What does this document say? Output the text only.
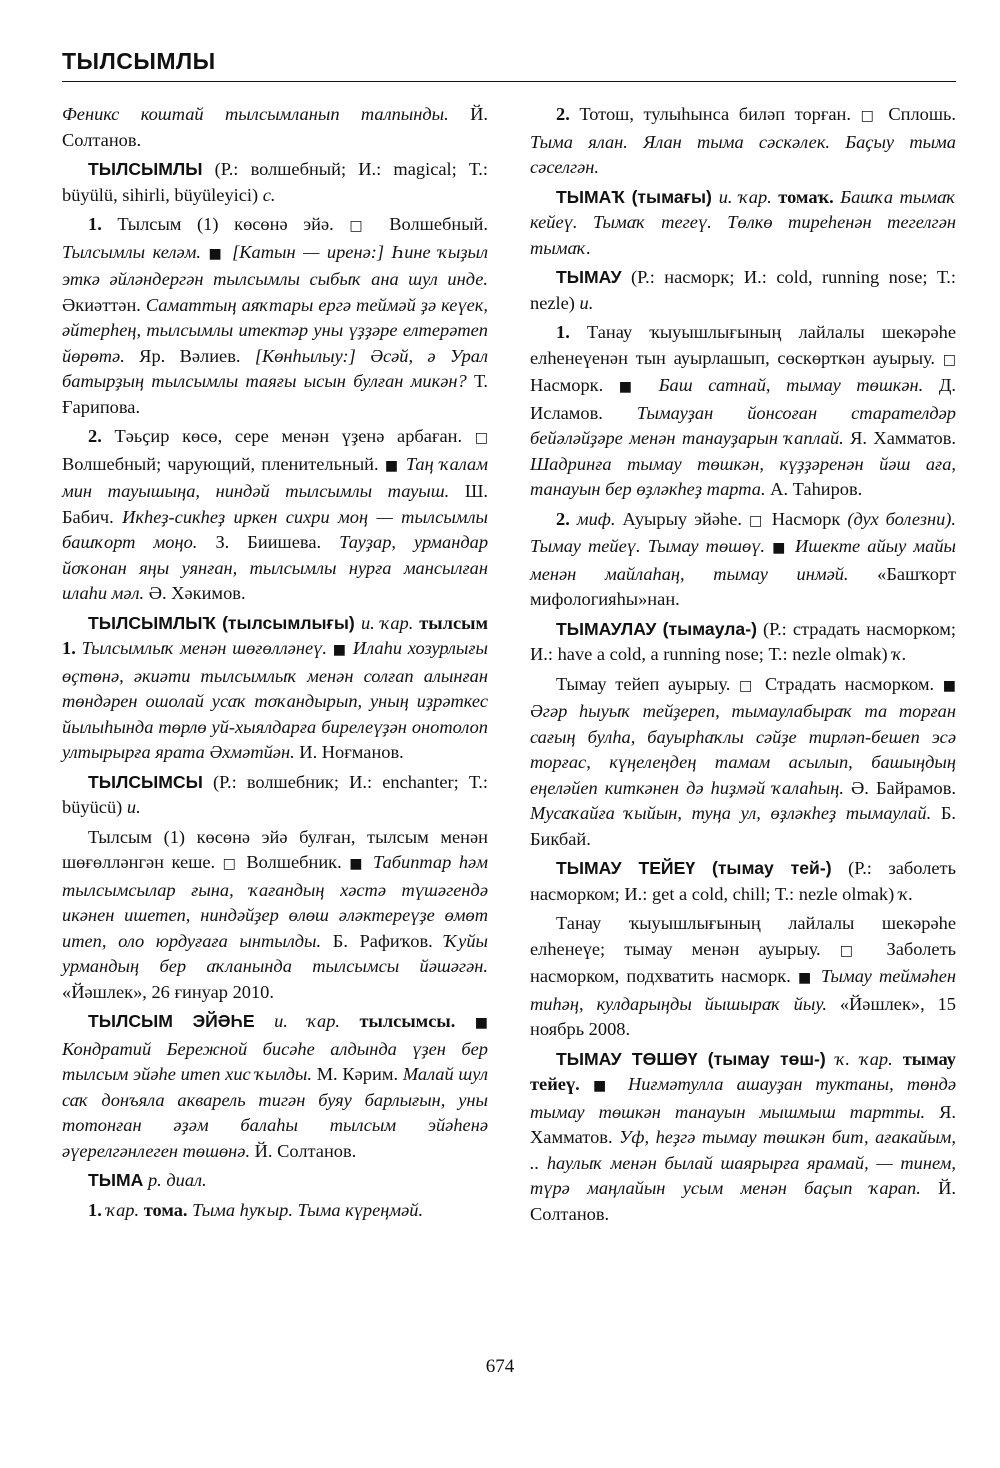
ТЫЛСЫМЛЫ

Феникс коштай тылсымланып талпынды. Й. Солтанов.

ТЫЛСЫМЛЫ (Р.: волшебный; И.: magical; Т.: büyülü, sihirli, büyüleyici) с.

1. Тылсым (1) көсөнә эйә. □ Волшебный. Тылсымлы келәм. ■ [Катын — иренә:] Һине ҡыҙыл эткә әйләндергән тылсымлы сыбыҡ ана шул инде. Әкиәттән. Саматтың аяҡтары ергә теймәй ҙә кеүек, әйтерһең, тылсымлы итектәр уны үҙҙәре елтерәтеп йөрөтә. Яр. Вәлиев. [Көнһылыу:] Әсәй, ә Урал батырҙың тылсымлы таяғы ысын булған микән? Т. Ғарипова.

2. Тәьҫир көсө, сере менән үҙенә арбаған. □ Волшебный; чарующий, пленительный. ■ Таң ҡалам мин тауышыңа, ниндәй тылсымлы тауыш. Ш. Бабич. Икһеҙ-сикһеҙ иркен сихри моң — тылсымлы башҡорт моңо. З. Биишева. Тауҙар, урмандар йоҡонан яңы уянған, тылсымлы нурға мансылған илаһи мәл. Ә. Хәкимов.

ТЫЛСЫМЛЫҠ (тылсымлығы) и. ҡар. тылсым 1. Тылсымлыҡ менән шөғөлләнеү. ■ Илаһи хозурлығы өҫтөнә, әкиәти тылсымлыҡ менән солғап алынған төндәрен ошолай усаҡ тоҡандырып, уның иҙрәткес йылыһында төрлө уй-хыялдарға бирелеүҙән онотолоп ултырырға ярата Әхмәтйән. И. Ноғманов.

ТЫЛСЫМСЫ (Р.: волшебник; И.: enchanter; Т.: büyücü) и.

Тылсым (1) көсөнә эйә булған, тылсым менән шөғөлләнгән кеше. □ Волшебник. ■ Табиптар һәм тылсымсылар ғына, ҡағандың хәстә түшәгендә икәнен ишетеп, ниндәйҙер өлөш әләктереүҙе өмөт итеп, оло юрдуғаға ынтылды. Б. Рафиҡов. Ҡуйы урмандың бер аҡланында тылсымсы йәшәгән. «Йәшлек», 26 ғинуар 2010.

ТЫЛСЫМ ЭЙӘҺЕ и. ҡар. тылсымсы. ■ Кондратий Бережной бисәһе алдында үҙен бер тылсым эйәһе итеп хис ҡылды. М. Кәрим. Малай шул саҡ донъяла акварель тигән буяу барлығын, уны тотонған әҙәм балаһы тылсым эйәһенә әүерелгәнлеген төшөнә. Й. Солтанов.

ТЫМА р. диал.

1. ҡар. тома. Тыма һуҡыр. Тыма күреңмәй.

2. Тотош, тулыһынса биләп торған. □ Сплошь. Тыма ялан. Ялан тыма сәскәлек. Баҫыу тыма сәселгән.

ТЫМАҠ (тымағы) и. ҡар. томаҡ. Башҡа тымаҡ кейеү. Тымаҡ тегеү. Төлкө тиреһенән тегелгән тымаҡ.

ТЫМАУ (Р.: насморк; И.: cold, running nose; Т.: nezle) и.

1. Танау ҡыуышлығының лайлалы шекәрәһе елһенеүенән тын ауырлашып, сөскөрткән ауырыу. □ Насморк. ■ Баш сатнай, тымау төшкән. Д. Исламов. Тымауҙан йонсоған старателдәр бейәләйҙәре менән танауҙарын ҡаплай. Я. Хамматов. Шадринға тымау төшкән, күҙҙәренән йәш аға, танауын бер өҙләкһеҙ тарта. А. Таһиров.

2. миф. Ауырыу эйәһе. □ Насморк (дух болезни). Тымау тейеү. Тымау төшөү. ■ Ишекте айыу майы менән майлаһаң, тымау инмәй. «Башҡорт мифологияһы»нан.

ТЫМАУЛАУ (тымаула-) (Р.: страдать насморком; И.: have a cold, a running nose; Т.: nezle olmak) ҡ.

Тымау тейеп ауырыу. □ Страдать насморком. ■ Әгәр һыуыҡ тейҙереп, тымаулабыраҡ та торған сағың булһа, бауырһаҡлы сәйҙе тирләп-бешеп эсә торғас, күңелеңдең тамам асылып, башыңдың еңеләйеп киткәнен дә һиҙмәй ҡалаһың. Ә. Байрамов. Мусаҡайға ҡыйын, туңа ул, өҙләкһеҙ тымаулай. Б. Бикбай.

ТЫМАУ ТЕЙЕҮ (тымау тей-) (Р.: заболеть насморком; И.: get a cold, chill; Т.: nezle olmak) ҡ.

Танау ҡыуышлығының лайлалы шекәрәһе елһенеүе; тымау менән ауырыу. □ Заболеть насморком, подхватить насморк. ■ Тымау теймәһен тиһәң, кулдарыңды йышыраҡ йыу. «Йәшлек», 15 ноябрь 2008.

ТЫМАУ ТӨШӨҮ (тымау төш-) ҡ. ҡар. тымау тейеү. ■ Ниғмәтулла ашауҙан туктаны, төндә тымау төшкән танауын мышмыш тартты. Я. Хамматов. Уф, һеҙгә тымау төшкән бит, ағакайым, .. һаулыҡ менән былай шаярырға ярамай, — тинем, түрә маңлайын усым менән баҫып ҡарап. Й. Солтанов.

674
